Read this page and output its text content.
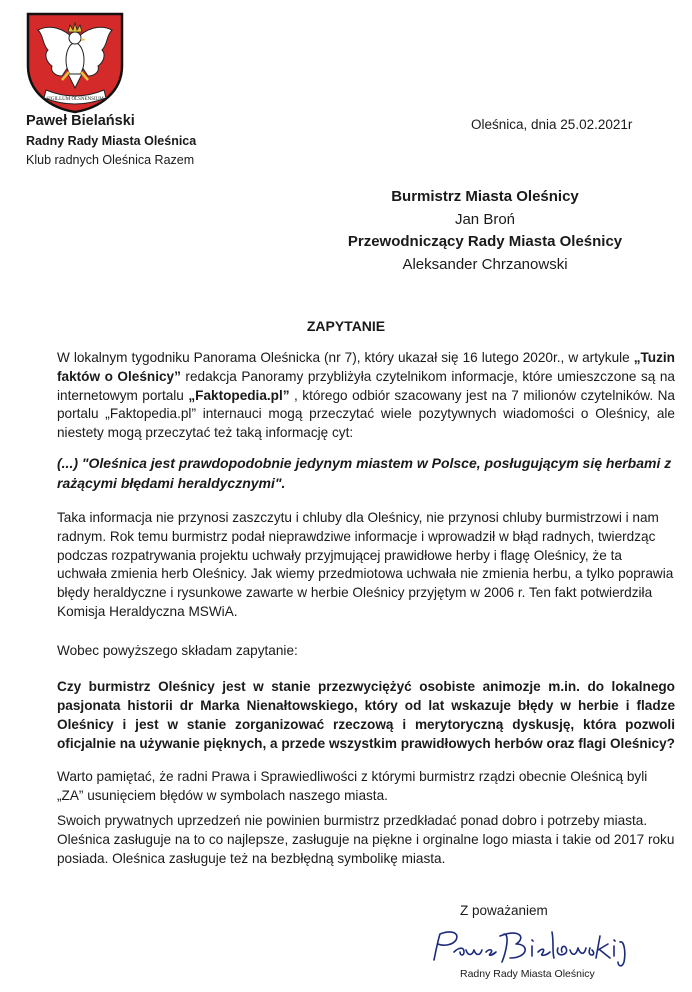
SIGILLUM OLSNENSIUM
Paweł Bielański
Radny Rady Miasta Oleśnica
Klub radnych Oleśnica Razem
Oleśnica, dnia 25.02.2021r
Burmistrz Miasta Oleśnicy
Jan Broń
Przewodniczący Rady Miasta Oleśnicy
Aleksander Chrzanowski
ZAPYTANIE

W lokalnym tygodniku Panorama Oleśnicka (nr 7), który ukazał się 16 lutego 2020r., w artykule „Tuzin faktów o Oleśnicy” redakcja Panoramy przybliżyła czytelnikom informacje, które umieszczone są na internetowym portalu „Faktopedia.pl” , którego odbiór szacowany jest na 7 milionów czytelników. Na portalu „Faktopedia.pl” internauci mogą przeczytać wiele pozytywnych wiadomości o Oleśnicy, ale niestety mogą przeczytać też taką informację cyt:

(...) "Oleśnica jest prawdopodobnie jedynym miastem w Polsce, posługującym się herbami z rażącymi błędami heraldycznymi".

Taka informacja nie przynosi zaszczytu i chluby dla Oleśnicy, nie przynosi chluby burmistrzowi i nam radnym. Rok temu burmistrz podał nieprawdziwe informacje i wprowadził w błąd radnych, twierdząc podczas rozpatrywania projektu uchwały przyjmującej prawidłowe herby i flagę Oleśnicy, że ta uchwała zmienia herb Oleśnicy. Jak wiemy przedmiotowa uchwała nie zmienia herbu, a tylko poprawia błędy heraldyczne i rysunkowe zawarte w herbie Oleśnicy przyjętym w 2006 r. Ten fakt potwierdziła Komisja Heraldyczna MSWiA.

Wobec powyższego składam zapytanie:

Czy burmistrz Oleśnicy jest w stanie przezwyciężyć osobiste animozje m.in. do lokalnego pasjonata historii dr Marka Nienałtowskiego, który od lat wskazuje błędy w herbie i fladze Oleśnicy i jest w stanie zorganizować rzeczową i merytoryczną dyskusję, która pozwoli oficjalnie na używanie pięknych, a przede wszystkim prawidłowych herbów oraz flagi Oleśnicy?

Warto pamiętać, że radni Prawa i Sprawiedliwości z którymi burmistrz rządzi obecnie Oleśnicą byli „ZA” usunięciem błędów w symbolach naszego miasta.

Swoich prywatnych uprzedzeń nie powinien burmistrz przedkładać ponad dobro i potrzeby miasta. Oleśnica zasługuje na to co najlepsze, zasługuje na piękne i orginalne logo miasta i takie od 2017 roku posiada. Oleśnica zasługuje też na bezbłędną symbolikę miasta.

Z poważaniem
Radny Rady Miasta Oleśnicy
